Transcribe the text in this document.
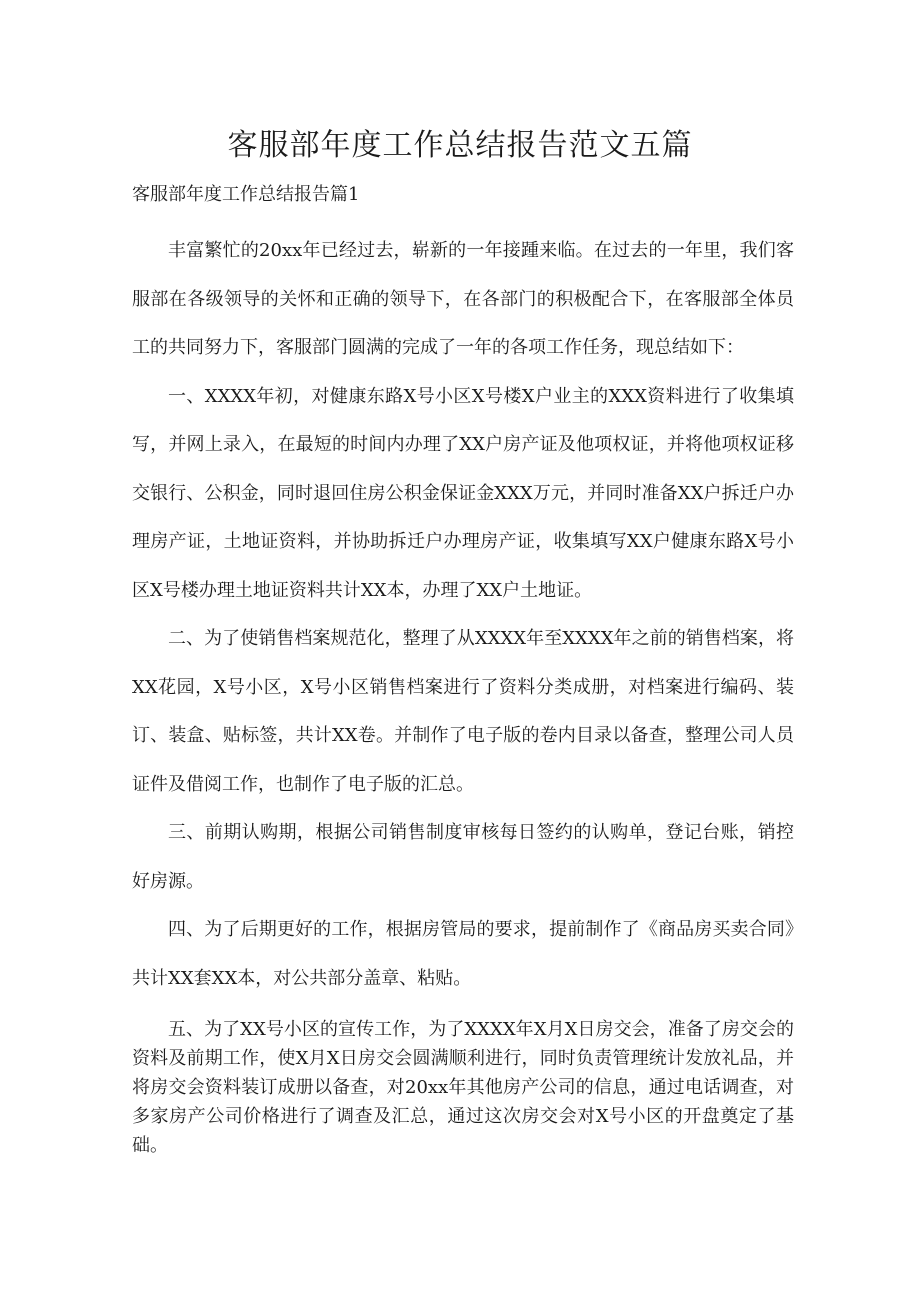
客服部年度工作总结报告范文五篇
客服部年度工作总结报告篇1

丰富繁忙的20xx年已经过去，崭新的一年接踵来临。在过去的一年里，我们客服部在各级领导的关怀和正确的领导下，在各部门的积极配合下，在客服部全体员工的共同努力下，客服部门圆满的完成了一年的各项工作任务，现总结如下：

一、XXXX年初，对健康东路X号小区X号楼X户业主的XXX资料进行了收集填写，并网上录入，在最短的时间内办理了XX户房产证及他项权证，并将他项权证移交银行、公积金，同时退回住房公积金保证金XXX万元，并同时准备XX户拆迁户办理房产证，土地证资料，并协助拆迁户办理房产证，收集填写XX户健康东路X号小区X号楼办理土地证资料共计XX本，办理了XX户土地证。

二、为了使销售档案规范化，整理了从XXXX年至XXXX年之前的销售档案，将XX花园，X号小区，X号小区销售档案进行了资料分类成册，对档案进行编码、装订、装盒、贴标签，共计XX卷。并制作了电子版的卷内目录以备查，整理公司人员证件及借阅工作，也制作了电子版的汇总。

三、前期认购期，根据公司销售制度审核每日签约的认购单，登记台账，销控好房源。

四、为了后期更好的工作，根据房管局的要求，提前制作了《商品房买卖合同》共计XX套XX本，对公共部分盖章、粘贴。

五、为了XX号小区的宣传工作，为了XXXX年X月X日房交会，准备了房交会的资料及前期工作，使X月X日房交会圆满顺利进行，同时负责管理统计发放礼品，并将房交会资料装订成册以备查，对20xx年其他房产公司的信息，通过电话调查，对多家房产公司价格进行了调查及汇总，通过这次房交会对X号小区的开盘奠定了基础。
